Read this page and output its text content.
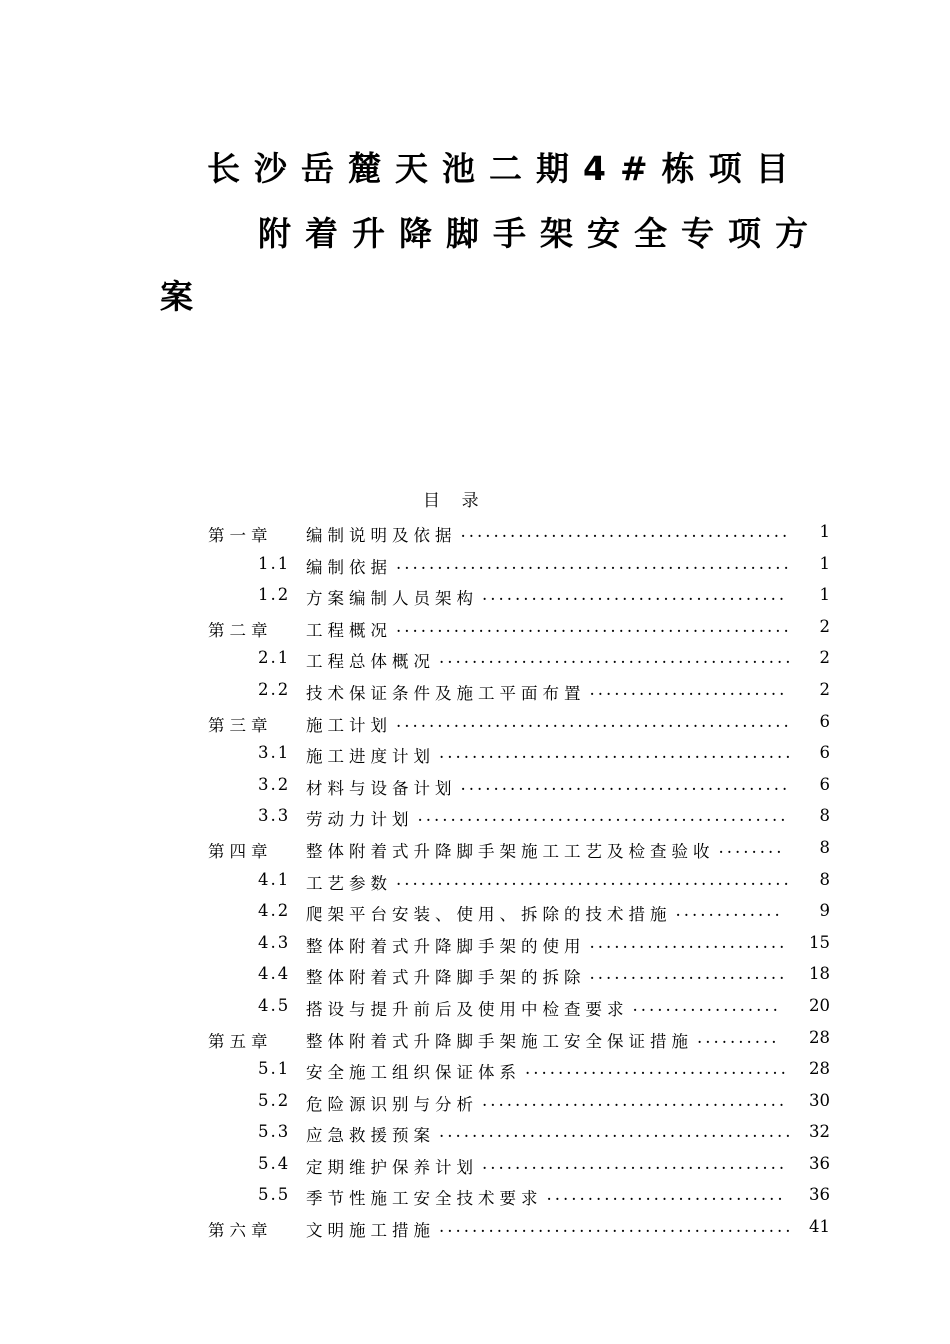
长沙岳麓天池二期4#栋项目
附着升降脚手架安全专项方
案
目    录
第一章 编制说明及依据 ........................................ 1
1.1 编制依据 ................................................ 1
1.2 方案编制人员架构 ..................................... 1
第二章 工程概况 ................................................ 2
2.1 工程总体概况 ........................................... 2
2.2 技术保证条件及施工平面布置 ........................ 2
第三章 施工计划 ................................................ 6
3.1 施工进度计划 ........................................... 6
3.2 材料与设备计划 ........................................ 6
3.3 劳动力计划 ............................................. 8
第四章 整体附着式升降脚手架施工工艺及检查验收 ........ 8
4.1 工艺参数 ................................................ 8
4.2 爬架平台安装、使用、拆除的技术措施 ............. 9
4.3 整体附着式升降脚手架的使用 ........................ 15
4.4 整体附着式升降脚手架的拆除 ........................ 18
4.5 搭设与提升前后及使用中检查要求 .................. 20
第五章 整体附着式升降脚手架施工安全保证措施 .......... 28
5.1 安全施工组织保证体系 ................................ 28
5.2 危险源识别与分析 ..................................... 30
5.3 应急救援预案 ........................................... 32
5.4 定期维护保养计划 ..................................... 36
5.5 季节性施工安全技术要求 ............................. 36
第六章 文明施工措施 ........................................... 41
